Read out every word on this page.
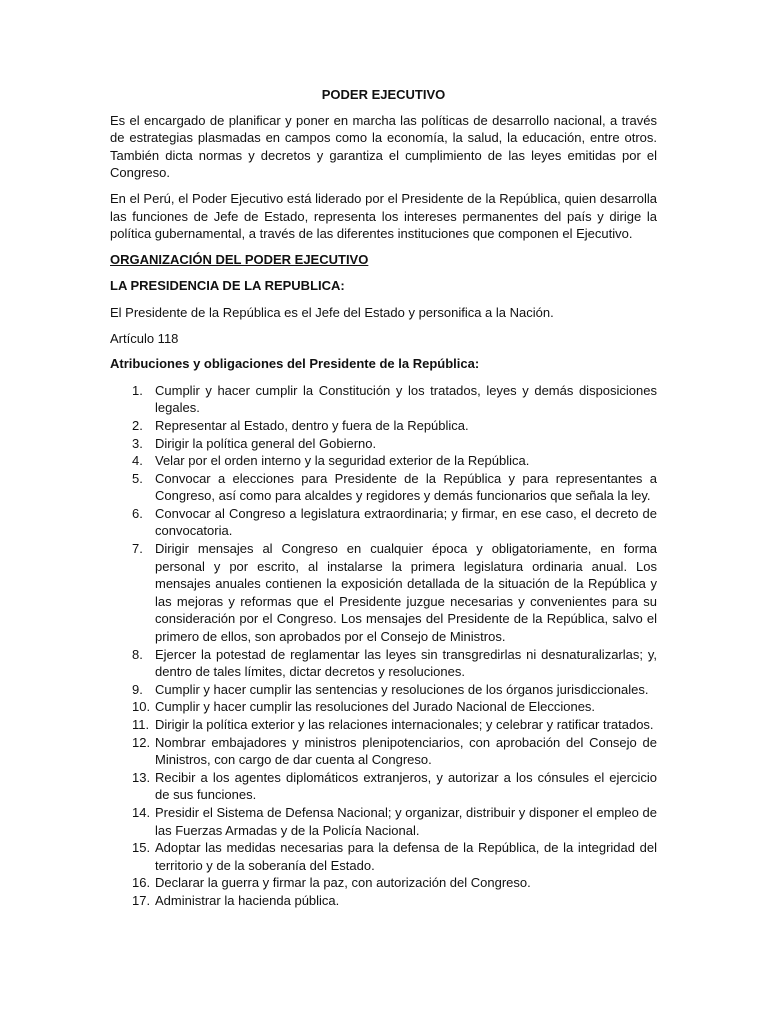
PODER EJECUTIVO

Es el encargado de planificar y poner en marcha las políticas de desarrollo nacional, a través de estrategias plasmadas en campos como la economía, la salud, la educación, entre otros. También dicta normas y decretos y garantiza el cumplimiento de las leyes emitidas por el Congreso.

En el Perú, el Poder Ejecutivo está liderado por el Presidente de la República, quien desarrolla las funciones de Jefe de Estado, representa los intereses permanentes del país y dirige la política gubernamental, a través de las diferentes instituciones que componen el Ejecutivo.

ORGANIZACIÓN DEL PODER EJECUTIVO

LA PRESIDENCIA DE LA REPUBLICA:

El Presidente de la República es el Jefe del Estado y personifica a la Nación.

Artículo 118

Atribuciones y obligaciones del Presidente de la República:

1. Cumplir y hacer cumplir la Constitución y los tratados, leyes y demás disposiciones legales.
2. Representar al Estado, dentro y fuera de la República.
3. Dirigir la política general del Gobierno.
4. Velar por el orden interno y la seguridad exterior de la República.
5. Convocar a elecciones para Presidente de la República y para representantes a Congreso, así como para alcaldes y regidores y demás funcionarios que señala la ley.
6. Convocar al Congreso a legislatura extraordinaria; y firmar, en ese caso, el decreto de convocatoria.
7. Dirigir mensajes al Congreso en cualquier época y obligatoriamente, en forma personal y por escrito, al instalarse la primera legislatura ordinaria anual. Los mensajes anuales contienen la exposición detallada de la situación de la República y las mejoras y reformas que el Presidente juzgue necesarias y convenientes para su consideración por el Congreso. Los mensajes del Presidente de la República, salvo el primero de ellos, son aprobados por el Consejo de Ministros.
8. Ejercer la potestad de reglamentar las leyes sin transgredirlas ni desnaturalizarlas; y, dentro de tales límites, dictar decretos y resoluciones.
9. Cumplir y hacer cumplir las sentencias y resoluciones de los órganos jurisdiccionales.
10. Cumplir y hacer cumplir las resoluciones del Jurado Nacional de Elecciones.
11. Dirigir la política exterior y las relaciones internacionales; y celebrar y ratificar tratados.
12. Nombrar embajadores y ministros plenipotenciarios, con aprobación del Consejo de Ministros, con cargo de dar cuenta al Congreso.
13. Recibir a los agentes diplomáticos extranjeros, y autorizar a los cónsules el ejercicio de sus funciones.
14. Presidir el Sistema de Defensa Nacional; y organizar, distribuir y disponer el empleo de las Fuerzas Armadas y de la Policía Nacional.
15. Adoptar las medidas necesarias para la defensa de la República, de la integridad del territorio y de la soberanía del Estado.
16. Declarar la guerra y firmar la paz, con autorización del Congreso.
17. Administrar la hacienda pública.
